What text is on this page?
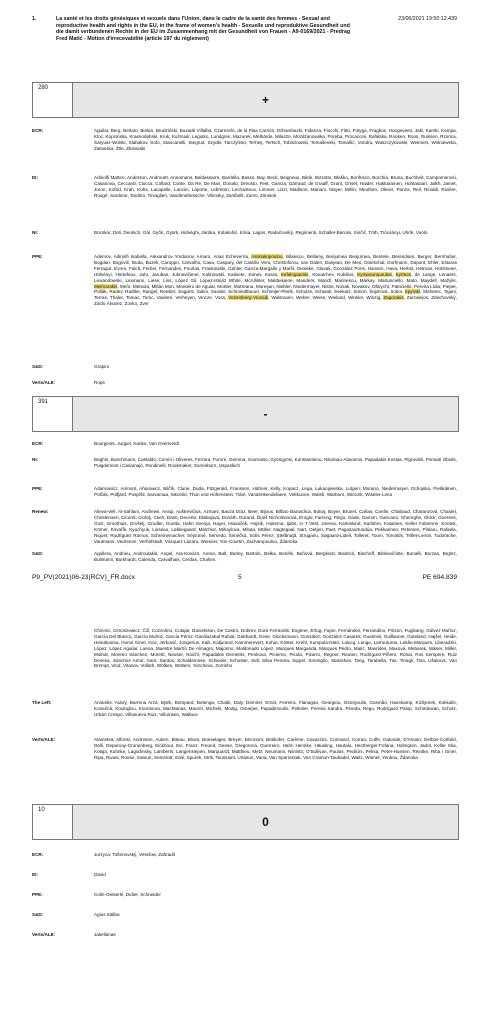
1.	La santé et les droits génésiques et sexuels dans l'Union, dans le cadre de la santé des femmes - Sexual and reproductive health and rights in the EU, in the frame of women's health - Sexuelle und reproduktive Gesundheit und die damit verbundenen Rechte in der EU im Zusammenhang mit der Gesundheit von Frauen - A9-0169/2021 - Predrag Fred Matić - Motion d'irrecevabilité (article 197 du règlement)
23/06/2021 19:50:12.439
280
+
ECR:	Aguilar, Berg, Berlato, Bielan, Brudziński, Buxadé Villalba, Czarnecki, de la Pisa Carrión, Dzhambazki, Fidanza, Fiocchi, Fitto, Fotyga, Fragkos, Hoogeveen, Jaki, Karski, Kempa, Kloc, Kopcińska, Krasnodębski, Kruk, Kuźmiuk, Legutko, Lundgren, Mazurek, Melbārde, Milazzo, Możdżanowska, Poręba, Procaccini, Rafalska, Rooken, Roos, Ruissen, Rzońca, Saryusz-Wolski, Slabakov, Sofo, Stancanelli, Stegrud, Szydło, Tarczyński, Terheş, Tertsch, Tobiszowski, Tomaševski, Tomašić, Vondra, Waszczykowski, Weimers, Wiśniewska, Zalewska, Žīle, Złotowski
ID:	Adinolfi Matteo, Anderson, Androuët, Annemans, Baldassarre, Bardella, Basso, Bay, Beck, Beigneux, Bilde, Bizzotto, Blaško, Bonfrisco, Borchia, Bruna, Buchheit, Campomenosi, Casanova, Ceccardi, Ciocca, Collard, Conte, Da Re, De Man, Donato, Dreosto, Fest, Gancia, Garraud, de Graaff, Grant, Griset, Haider, Hakkarainen, Huhtasaari, Jalkh, Jamet, Joron, Kofod, Krah, Kuhs, Lacapelle, Lancini, Laporte, Lebreton, Lechanteux, Limmer, Lizzi, Madison, Mariani, Mayer, Mélin, Meuthen, Olivier, Panza, Reil, Rinaldi, Rivière, Rougé, Sardone, Tardino, Tovaglieri, Vandendriessche, Vilimsky, Zambelli, Zanni, Zimniok
NI:	Bocskor, Deli, Deutsch, Gál, Győri, Gyürk, Hidvéghi, Járóka, Kolakušić, Kósa, Lagos, Radačovský, Regimenti, Schaller-Baross, Sinčić, Tóth, Trócsányi, Uhrík, Vuolo
PPE:	Ademov, Adinolfi Isabella, Alexandrov Yordanov, Amaro, Arias Echeverría, Asimakopoulou, Băsescu, Bellamy, Benjumea Benjumea, Bentele, Berendsen, Berger, Bernhuber, Bogdan, Bogovič, Buda, Buzek, Caroppo, Carvalho, Casa, Caspary, del Castillo Vera, Christoforou, van Dalen, Danjean, De Meo, Doleschal, Dorfmann, Düpont, Ehler, Estaras Ferragut, Evren, Falcă, Ferber, Fernandes, Fourlas, Frankowski, Gahler, García-Margallo y Marfil, Gieseke, Glavak, González Pons, Hansen, Hava, Herbst, Hetman, Hohlmeier, Hölvényi, Hortefeux, Jahr, Jarubas, Juknevičienė, Kalinowski, Kalniete, Kanev, Karas, Kefalogiannis, Kovatchev, Kubilius, Kympouropoulos, Kyrtsos, de Lange, Lenaers, Lewandowski, Lexmann, Liese, Lins, López Gil, López-Istúriz White, McAllister, Maldeikienė, Manders, Mandl, Marinescu, Markey, Martusciello, Mato, Maydell, Mažylis, Meimarakis, Meľo, Metsola, Millán Mon, Monteiro de Aguiar, Mortler, Motreanu, Mureşan, Niebler, Niedermayer, Nistor, Novak, Novakov, Olbrycht, Patriciello, Pereira Lídia, Pieper, Pollák, Radev, Radtke, Rangel, Ressler, Sagartz, Salini, Sander, Schmiedtbauer, Schreijer-Pierik, Schulze, Schwab, Seekatz, Simon, Šojdrová, Sokol, Spyraki, Stefanec, Tajani, Terras, Thaler, Tomac, Tomc, Vaidere, Verheyen, Vincze, Voss, Vozemberg-Vrionidi, Walsmann, Weber, Weiss, Wieland, Winkler, Winzig, Zagorakis, Zarzalejos, Zdechovský, Zoido Álvarez, Zovko, Zver
S&D:	Grapini
Verts/ALE:	Ropė
391
-
ECR:	Bourgeois, Jurgiel, Kanko, Van Overtveldt
NI:	Beghin, Buschmann, Castaldo, Comín i Oliveres, Ferrara, Furore, Gemma, Giarrusso, Gyöngyösi, Konstantinou, Nikolaou-Alavanos, Papadakis Kostas, Pignedoli, Ponsatí Obiols, Puigdemont i Casamajó, Rondinelli, Rookmaker, Sonneborn, Uspaskich
PPE:	Adamowicz, Arimont, Ařukowicz, Bilčík, Clune, Duda, Fitzgerald, Franssen, Hübner, Kelly, Kopacz, Lega, Łukacijewska, Lutgen, Morano, Niedermayer, Ochojska, Pietikäinen, Polčák, Polfjärd, Pospíšil, Sarvamaa, Sikorski, Thun und Hohenstein, Tobé, Vandenkendelaere, Virkkunen, Walsh, Warborn, Wieczik, Wiseler-Lima
Renew:	Alieva-Veli, Al-Sahlani, Andrews, Ansip, Auštrevičius, Azmani, Bauzá Díaz, Beer, Bijoux, Bilbao Barandica, Botoş, Boyer, Brunet, Cañas, Canfin, Chabaud, Charanzová, Chastel, Christensen, Cicurel, Cioloş, Cseh, Danti, Decerle, Dlabajová, Donáth, Durand, Ďuriš Nicholsonová, Eroglu, Farreng, Flego, Gade, Gamon, Garicano, Gheorghe, Glück, Goerens, Gozi, Groothuis, Grošelj, Grudler, Guetta, Hahn Svenja, Hayer, Hlaváček, Hojsík, Huitema, Ijabs, in 't Veld, Joveva, Karleskind, Karlsbro, Katainen, Keller Fabienne, Knotek, Körner, Kovařík, Kyuchyuk, Loiseau, Løkkegaard, Melchior, Mihaylova, Mituța, Müller, Nagtegaal, Nart, Oetjen, Paet, Pagazaurtundúa, Pekkarinen, Petersen, Pîslaru, Rafaela, Riquet, Rodríguez Ramos, Schreinemacher, Séjourné, Semedo, Šimečka, Solís Pérez, Ştefănuţă, Strugariu, Søgaard-Lidell, Tolleret, Toom, Torvalds, Trillet-Lenoir, Tudorache, Vautmans, Vedrenne, Verhofstadt, Vázquez Lázara, Wiesner, Yon-Courtin, Zacharopoulou, Ždanoka
S&D:	Agullera, Andrieu, Androulakis, Angel, Ara-Kovács, Arena, Balt, Barley, Bartolo, Belka, Benifei, Beňová, Bergkvist, Biedroń, Bischoff, Blinkevičiūtė, Bonafè, Borzan, Brglez, Bullmann, Burkhardt, Calenda, Carvalhais, Cerdas, Chahim,
P9_PV(2021)06-23(RCV)_FR.docx	5	PE 694.839
Chinnici, Cimoszewicz, Čiž, Cozzolino, Cutajar, Danielsson, De Castro, Dobrev, Durá Ferrandis, Engerer, Ertug, Fajon, Fernández, Ferrandino, Fritzon, Fuglsang, Gálvez Muñoz, García Del Blanco, García Muñoz, García Pérez, Gardiazabal Rubial, Gebhardt, Geier, Glucksmann, González, González Casares, Gualmini, Guillaume, Guteland, Hajšel, Heide, Heinäluoma, Homs Ginel, Incir, Jerković, Jongerius, Kaili, Kaljurand, Kammerevert, Kohut, Köster, Krehl, Kumpula-Natri, Lalucq, Lange, Larrouturou, Leitão-Marques, Liberadzki, López, López Aguilar, Luena, Maestre Martín De Almagro, Majorino, Maldonado López, Marques Margarida, Marques Pedro, Matić, Mavrides, Maxová, Mebarek, Mikser, Miller, Molnár, Moreno Sánchez, Moretti, Neuser, Noichl, Papadakis Demetris, Penkova, Picierno, Picula, Pizarro, Regner, Reuten, Rodríguez-Piñero, Rónai, Ros Sempere, Ruiz Devesa, Sánchez Amor, Sant, Santos, Schaldemose, Schieder, Schuster, Sidl, Silva Pereira, Sippel, Smeriglio, Stanishev, Tang, Tarabella, Tax, Tinagli, Toia, Ušakovs, Van Brempt, Vind, Vitanov, Vollath, Wölken, Wolters, Yoncheva, Zorrinho
The Left:	Arvanitis, Aubry, Barrena Arza, Björk, Bompard, Botenga, Chaibi, Daly, Demirel, Ernst, Ferreira, Flanagan, Georgiou, Georgoulis, Gusmão, Hazekamp, Kizilyürek, Kokkalis, Konečná, Kouloglou, Kountoura, MacManus, Maurel, Michels, Modig, Omarjee, Papadimoulis, Pelletier, Pereira Sandra, Pineda, Rego, Rodríguez Palop, Schirdewan, Scholz, Urbán Crespo, Villanueva Ruiz, Villumsen, Wallace
Verts/ALE:	Alametsä, Alfonsi, Andresen, Auken, Biteau, Bloss, Boeselager, Breyer, Bricmont, Bütikofer, Carême, Cavazzini, Cormand, Corrao, Cuffe, Dalunde, D'Amato, Delbos-Corfield, Delli, Deparnay-Grunenberg, Eickhout, Evi, Franz, Freund, Geese, Gregorová, Guerreiro, Hahn Henrike, Häusling, Hautala, Herzberger-Fofana, Holmgren, Jadot, Keller Ska, Kolaja, Kuhnke, Lagodinsky, Lamberts, Langensiepen, Marquardt, Matthieu, Metz, Neumann, Niinistö, O'Sullivan, Paulus, Pedicini, Peksa, Peter-Hansen, Reintke, Riba i Giner, Ripa, Rivasi, Roose, Satouri, Semsrott, Solé, Spurek, Strik, Toussaint, Urtasun, Vana, Van Sparrentak, Von Cramon-Taubadel, Waitz, Wiener, Yenbou, Ždanoka
10
0
ECR:	Jurzyca, Tošenovský, Veselow, Zahradil
ID:	David
PPE:	Colin-Oesterlé, Didier, Schneider
S&D:	Agius Saliba
Verts/ALE:	Jakeliūnas
